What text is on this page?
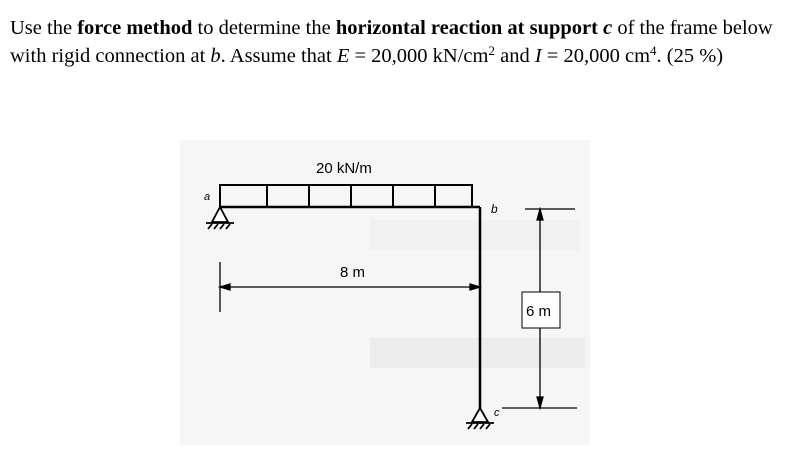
Use the force method to determine the horizontal reaction at support c of the frame below with rigid connection at b. Assume that E = 20,000 $kN/cm^2$ and I = 20,000 $cm^4$. (25 %)
20 kN/m
a
c
b
8 m
6 m
